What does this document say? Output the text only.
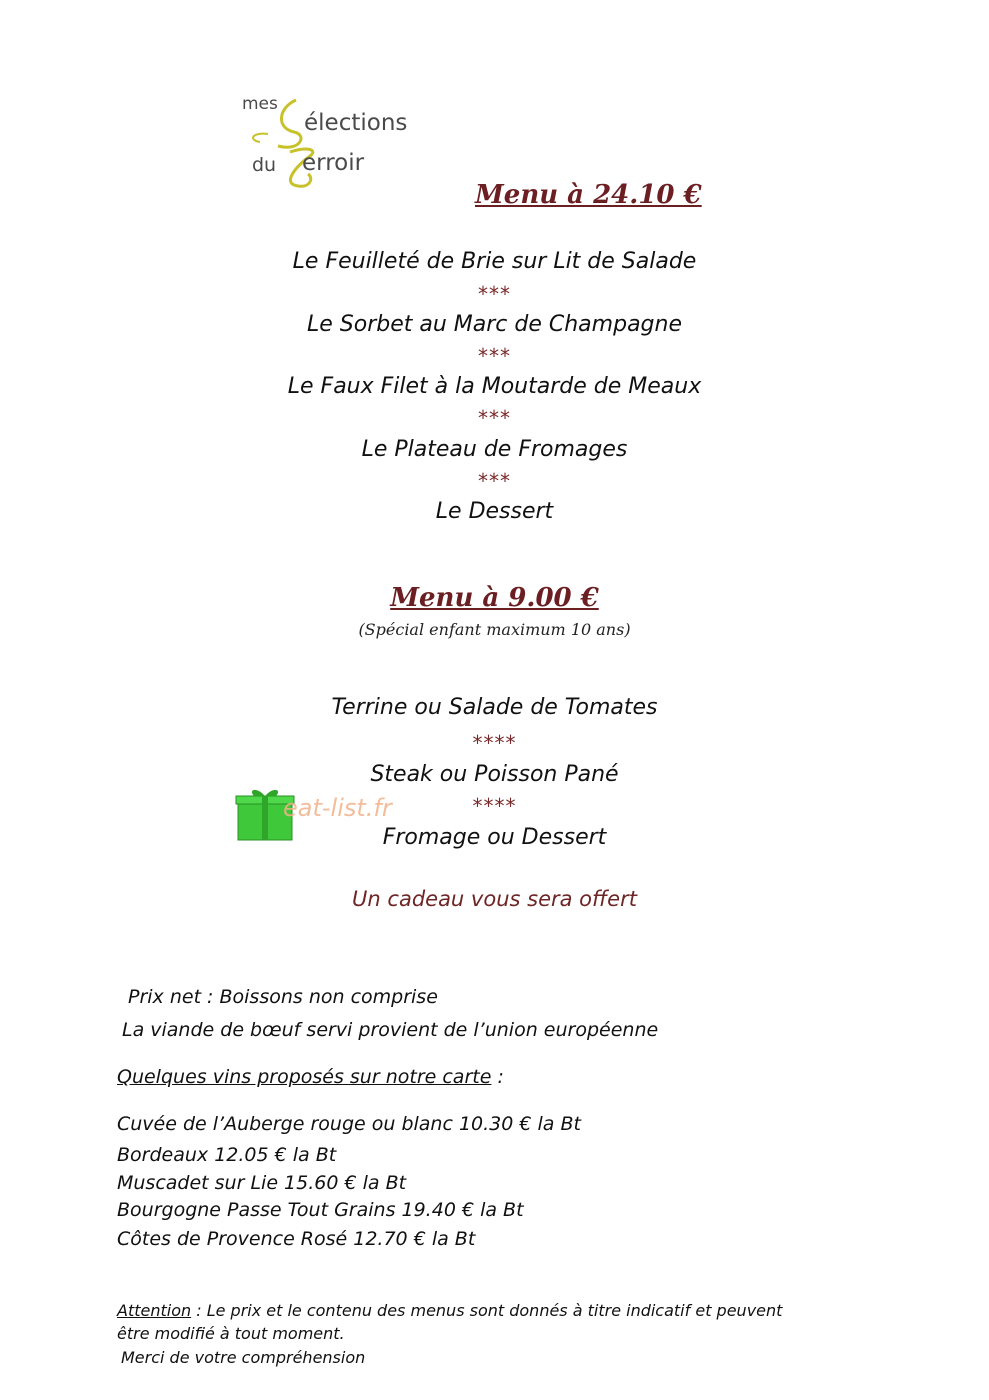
mes
élections
du erroir
Menu à 24.10 €
Le Feuilleté de Brie sur Lit de Salade
***
Le Sorbet au Marc de Champagne
***
Le Faux Filet à la Moutarde de Meaux
***
Le Plateau de Fromages
***
Le Dessert
Menu à 9.00 €
(Spécial enfant maximum 10 ans)
Terrine ou Salade de Tomates
****
Steak ou Poisson Pané
****
Fromage ou Dessert
eat-list.fr
Un cadeau vous sera offert
Prix net : Boissons non comprise
La viande de bœuf servi provient de l’union européenne
Quelques vins proposés sur notre carte :
Cuvée de l’Auberge rouge ou blanc 10.30 € la Bt
Bordeaux 12.05 € la Bt
Muscadet sur Lie 15.60 € la Bt
Bourgogne Passe Tout Grains 19.40 € la Bt
Côtes de Provence Rosé 12.70 € la Bt
Attention : Le prix et le contenu des menus sont donnés à titre indicatif et peuvent
être modifié à tout moment.
Merci de votre compréhension
